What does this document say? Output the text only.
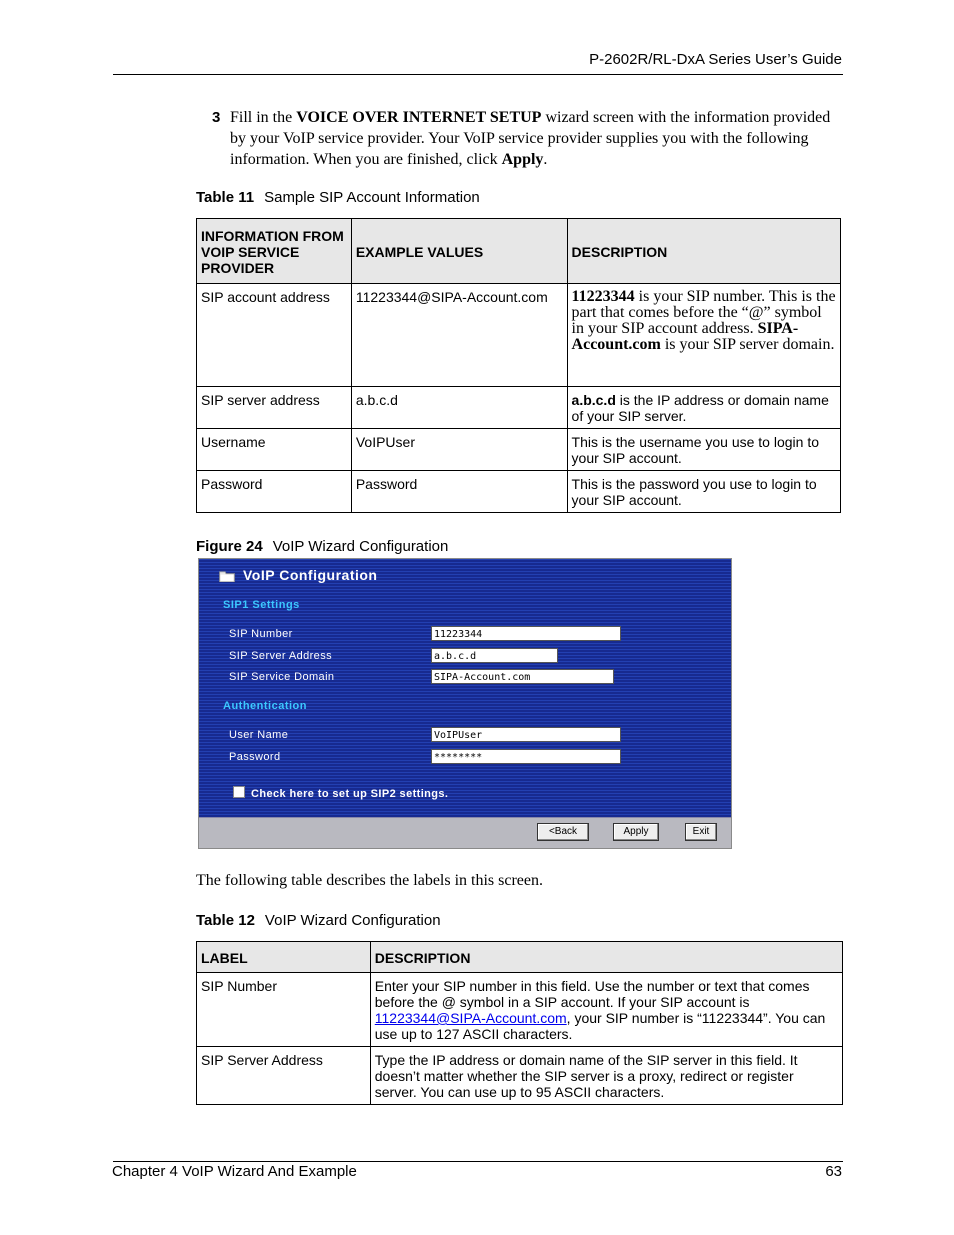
P-2602R/RL-DxA Series User’s Guide
3 Fill in the VOICE OVER INTERNET SETUP wizard screen with the information provided by your VoIP service provider. Your VoIP service provider supplies you with the following information. When you are finished, click Apply.
Table 11 Sample SIP Account Information
INFORMATION FROM VOIP SERVICE PROVIDER	EXAMPLE VALUES	DESCRIPTION
SIP account address	11223344@SIPA-Account.com	11223344 is your SIP number. This is the part that comes before the “@” symbol in your SIP account address. SIPA-Account.com is your SIP server domain.
SIP server address	a.b.c.d	a.b.c.d is the IP address or domain name of your SIP server.
Username	VoIPUser	This is the username you use to login to your SIP account.
Password	Password	This is the password you use to login to your SIP account.
Figure 24 VoIP Wizard Configuration
VoIP Configuration
SIP1 Settings
SIP Number	11223344
SIP Server Address	a.b.c.d
SIP Service Domain	SIPA-Account.com
Authentication
User Name	VoIPUser
Password	********
Check here to set up SIP2 settings.
<Back	Apply	Exit
The following table describes the labels in this screen.
Table 12 VoIP Wizard Configuration
LABEL	DESCRIPTION
SIP Number	Enter your SIP number in this field. Use the number or text that comes before the @ symbol in a SIP account. If your SIP account is 11223344@SIPA-Account.com, your SIP number is “11223344”. You can use up to 127 ASCII characters.
SIP Server Address	Type the IP address or domain name of the SIP server in this field. It doesn’t matter whether the SIP server is a proxy, redirect or register server. You can use up to 95 ASCII characters.
Chapter 4 VoIP Wizard And Example	63
